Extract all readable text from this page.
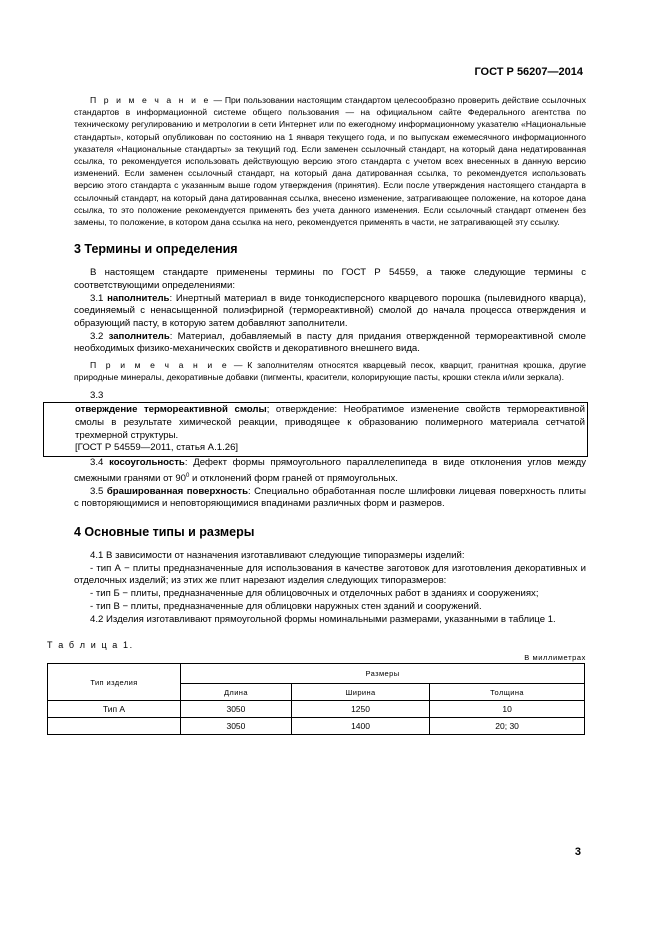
ГОСТ Р 56207—2014

П р и м е ч а н и е — При пользовании настоящим стандартом целесообразно проверить действие ссылочных стандартов в информационной системе общего пользования — на официальном сайте Федерального агентства по техническому регулированию и метрологии в сети Интернет или по ежегодному информационному указателю «Национальные стандарты», который опубликован по состоянию на 1 января текущего года, и по выпускам ежемесячного информационного указателя «Национальные стандарты» за текущий год. Если заменен ссылочный стандарт, на который дана недатированная ссылка, то рекомендуется использовать действующую версию этого стандарта с учетом всех внесенных в данную версию изменений. Если заменен ссылочный стандарт, на который дана датированная ссылка, то рекомендуется использовать версию этого стандарта с указанным выше годом утверждения (принятия). Если после утверждения настоящего стандарта в ссылочный стандарт, на который дана датированная ссылка, внесено изменение, затрагивающее положение, на которое дана ссылка, то это положение рекомендуется применять без учета данного изменения. Если ссылочный стандарт отменен без замены, то положение, в котором дана ссылка на него, рекомендуется применять в части, не затрагивающей эту ссылку.

3 Термины и определения

В настоящем стандарте применены термины по ГОСТ Р 54559, а также следующие термины с соответствующими определениями:

3.1 наполнитель: Инертный материал в виде тонкодисперсного кварцевого порошка (пылевидного кварца), соединяемый с ненасыщенной полиэфирной (термореактивной) смолой до начала процесса отверждения и образующий пасту, в которую затем добавляют заполнители.

3.2 заполнитель: Материал, добавляемый в пасту для придания отвержденной термореактивной смоле необходимых физико-механических свойств и декоративного внешнего вида.

П р и м е ч а н и е — К заполнителям относятся кварцевый песок, кварцит, гранитная крошка, другие природные минералы, декоративные добавки (пигменты, красители, колорирующие пасты, крошки стекла и/или зеркала).

3.3

отверждение термореактивной смолы; отверждение: Необратимое изменение свойств термореактивной смолы в результате химической реакции, приводящее к образованию полимерного материала сетчатой трехмерной структуры.

[ГОСТ Р 54559—2011, статья А.1.26]

3.4 косоугольность: Дефект формы прямоугольного параллелепипеда в виде отклонения углов между смежными гранями от $90^0$ и отклонений форм граней от прямоугольных.

3.5 брашированная поверхность: Специально обработанная после шлифовки лицевая поверхность плиты с повторяющимися и неповторяющимися впадинами различных форм и размеров.

4 Основные типы и размеры

4.1 В зависимости от назначения изготавливают следующие типоразмеры изделий:

- тип А − плиты предназначенные для использования в качестве заготовок для изготовления декоративных и отделочных изделий; из этих же плит нарезают изделия следующих типоразмеров:

- тип Б − плиты, предназначенные для облицовочных и отделочных работ в зданиях и сооружениях;

- тип В − плиты, предназначенные для облицовки наружных стен зданий и сооружений.

4.2 Изделия изготавливают прямоугольной формы номинальными размерами, указанными в таблице 1.

Т а б л и ц а 1.

В миллиметрах

Тип изделия	Размеры		
	Длина	Ширина	Толщина
Тип А	3050	1250	10
	3050	1400	20; 30
3
